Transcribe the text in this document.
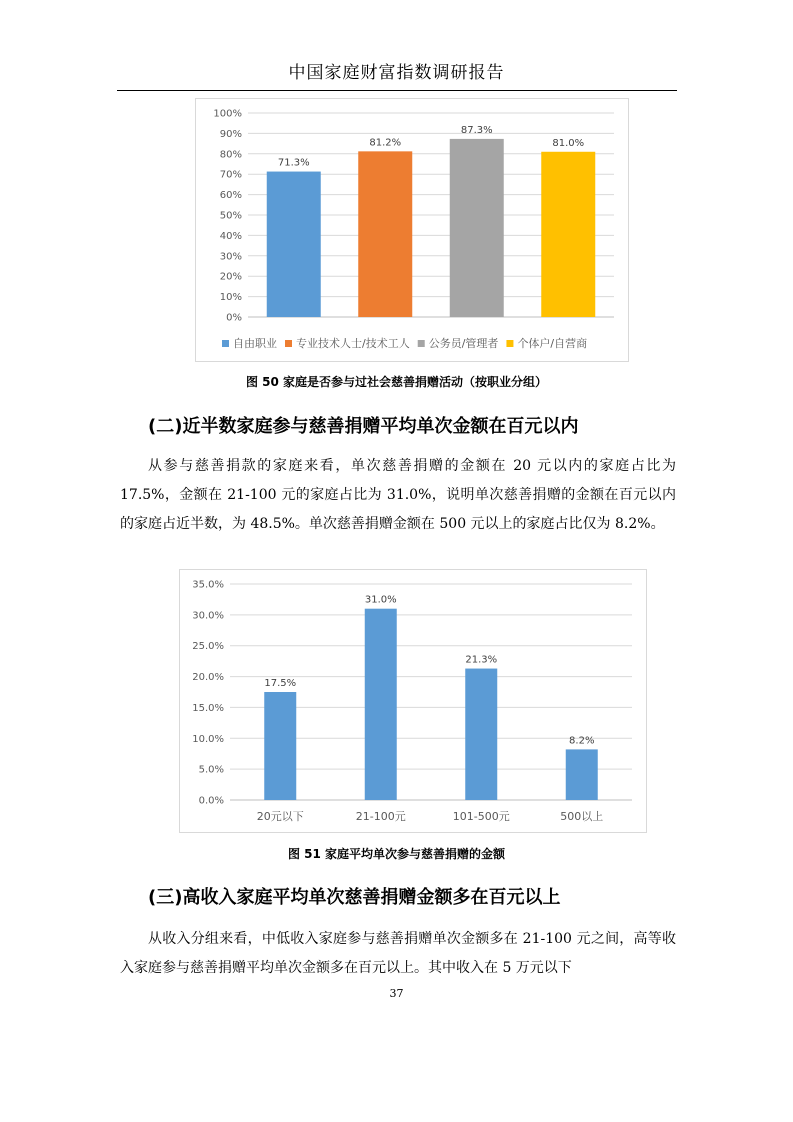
中国家庭财富指数调研报告
0%
10%
20%
30%
40%
50%
60%
70%
80%
90%
100%
71.3%
81.2%
87.3%
81.0%
自由职业 专业技术人士/技术工人 公务员/管理者 个体户/自营商
图 50 家庭是否参与过社会慈善捐赠活动（按职业分组）
(二)近半数家庭参与慈善捐赠平均单次金额在百元以内
从参与慈善捐款的家庭来看，单次慈善捐赠的金额在 20 元以内的家庭占比为 17.5%，金额在 21-100 元的家庭占比为 31.0%，说明单次慈善捐赠的金额在百元以内的家庭占近半数，为 48.5%。单次慈善捐赠金额在 500 元以上的家庭占比仅为 8.2%。
0.0%
5.0%
10.0%
15.0%
20.0%
25.0%
30.0%
35.0%
17.5%
20元以下
31.0%
21-100元
21.3%
101-500元
8.2%
500以上
图 51 家庭平均单次参与慈善捐赠的金额
(三)高收入家庭平均单次慈善捐赠金额多在百元以上
从收入分组来看，中低收入家庭参与慈善捐赠单次金额多在 21-100 元之间，高等收入家庭参与慈善捐赠平均单次金额多在百元以上。其中收入在 5 万元以下
37
